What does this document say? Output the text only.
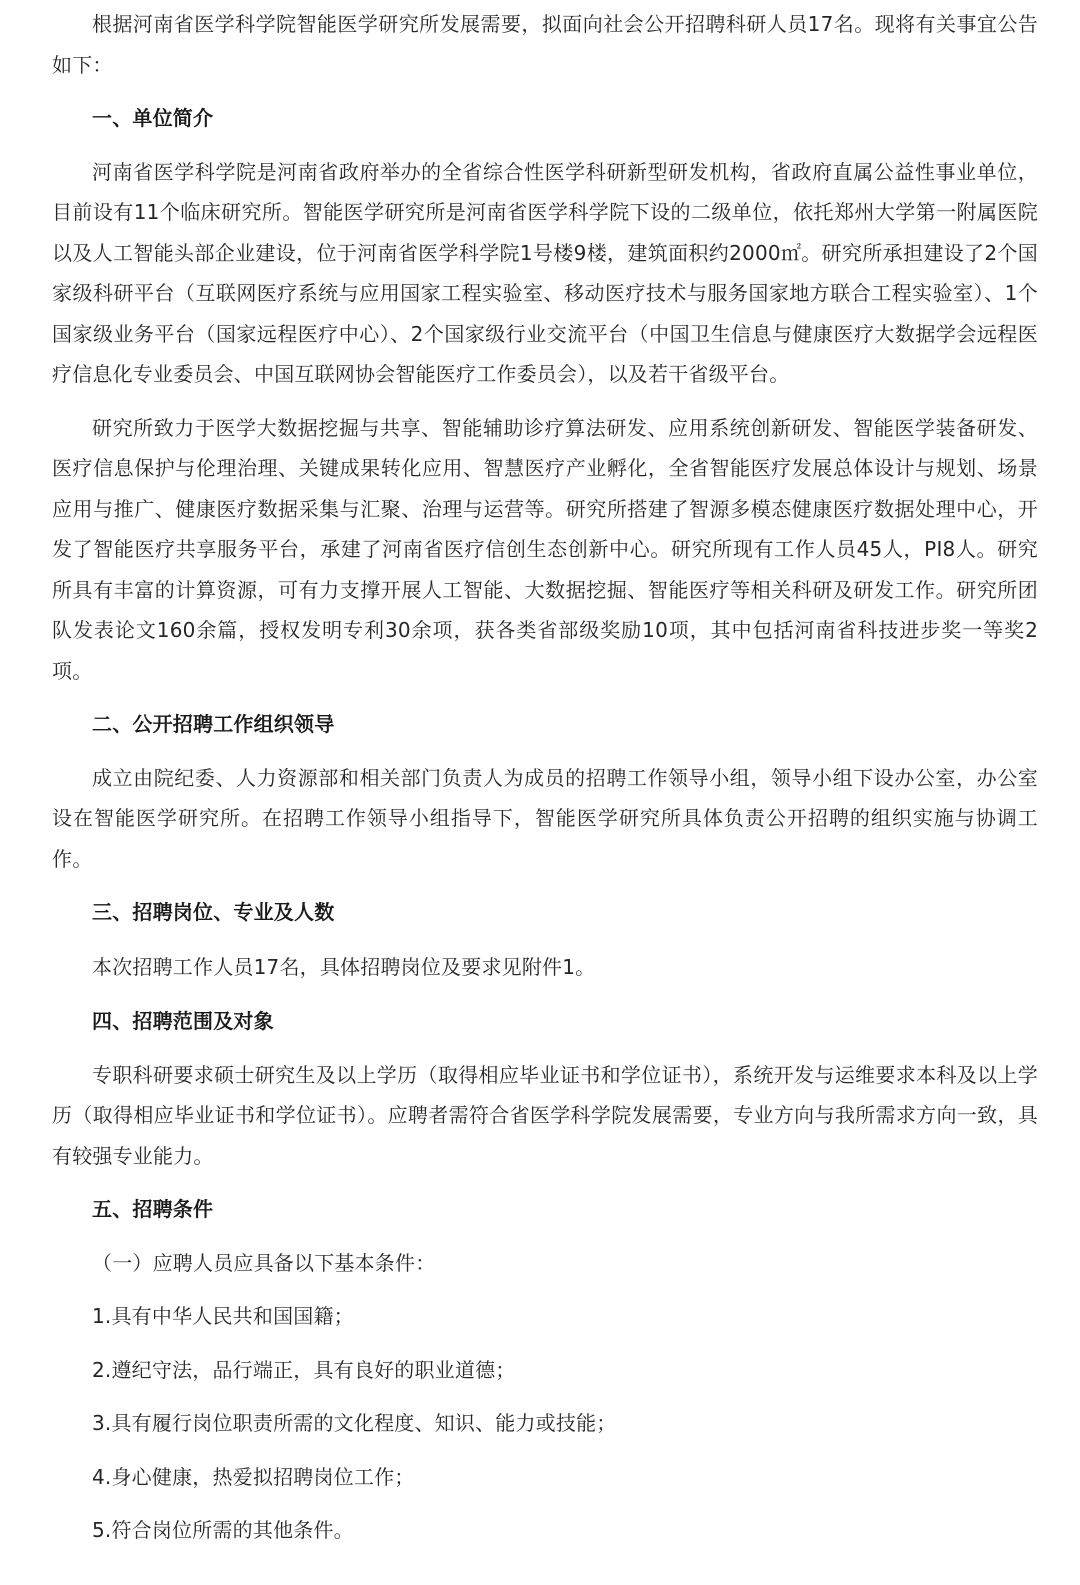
根据河南省医学科学院智能医学研究所发展需要，拟面向社会公开招聘科研人员17名。现将有关事宜公告如下：

一、单位简介

河南省医学科学院是河南省政府举办的全省综合性医学科研新型研发机构，省政府直属公益性事业单位，目前设有11个临床研究所。智能医学研究所是河南省医学科学院下设的二级单位，依托郑州大学第一附属医院以及人工智能头部企业建设，位于河南省医学科学院1号楼9楼，建筑面积约2000㎡。研究所承担建设了2个国家级科研平台（互联网医疗系统与应用国家工程实验室、移动医疗技术与服务国家地方联合工程实验室）、1个国家级业务平台（国家远程医疗中心）、2个国家级行业交流平台（中国卫生信息与健康医疗大数据学会远程医疗信息化专业委员会、中国互联网协会智能医疗工作委员会），以及若干省级平台。

研究所致力于医学大数据挖掘与共享、智能辅助诊疗算法研发、应用系统创新研发、智能医学装备研发、医疗信息保护与伦理治理、关键成果转化应用、智慧医疗产业孵化，全省智能医疗发展总体设计与规划、场景应用与推广、健康医疗数据采集与汇聚、治理与运营等。研究所搭建了智源多模态健康医疗数据处理中心，开发了智能医疗共享服务平台，承建了河南省医疗信创生态创新中心。研究所现有工作人员45人，PI8人。研究所具有丰富的计算资源，可有力支撑开展人工智能、大数据挖掘、智能医疗等相关科研及研发工作。研究所团队发表论文160余篇，授权发明专利30余项，获各类省部级奖励10项，其中包括河南省科技进步奖一等奖2项。

二、公开招聘工作组织领导

成立由院纪委、人力资源部和相关部门负责人为成员的招聘工作领导小组，领导小组下设办公室，办公室设在智能医学研究所。在招聘工作领导小组指导下，智能医学研究所具体负责公开招聘的组织实施与协调工作。

三、招聘岗位、专业及人数

本次招聘工作人员17名，具体招聘岗位及要求见附件1。

四、招聘范围及对象

专职科研要求硕士研究生及以上学历（取得相应毕业证书和学位证书），系统开发与运维要求本科及以上学历（取得相应毕业证书和学位证书）。应聘者需符合省医学科学院发展需要，专业方向与我所需求方向一致，具有较强专业能力。

五、招聘条件

（一）应聘人员应具备以下基本条件：

1.具有中华人民共和国国籍；

2.遵纪守法，品行端正，具有良好的职业道德；

3.具有履行岗位职责所需的文化程度、知识、能力或技能；

4.身心健康，热爱拟招聘岗位工作；

5.符合岗位所需的其他条件。
